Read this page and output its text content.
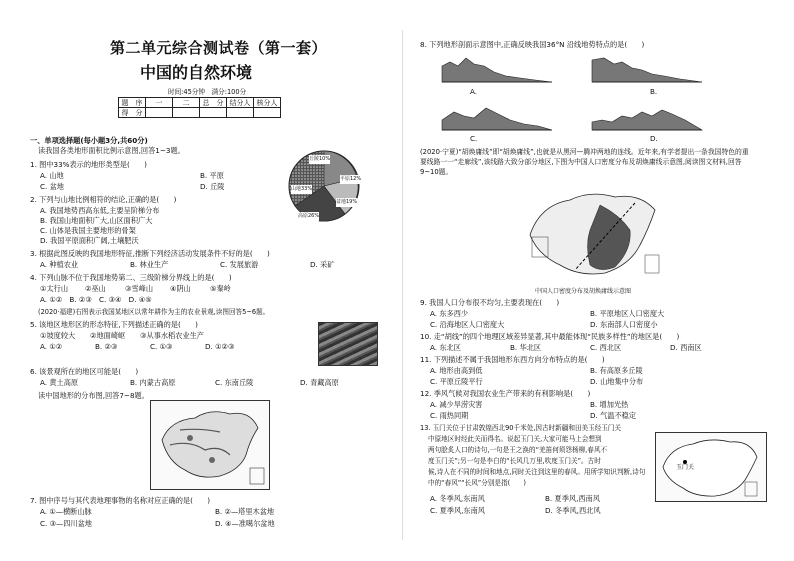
第二单元综合测试卷（第一套）
中国的自然环境
时间:45分钟　满分:100分
题　序	一	二	总　分	结分人	核分人
得　分					
一、单项选择题(每小题3分,共60分)
读我国各类地形面积比例示意图,回答1~3题。
1. 图中33%表示的地形类型是(　　)
A. 山地	B. 平原
C. 盆地	D. 丘陵
2. 下列与山地比例相符的结论,正确的是(　　)
A. 我国地势西高东低,主要呈阶梯分布
B. 我国山地面积广大,山区面积广大
C. 山体是我国主要地形的骨架
D. 我国平原面积广阔,土壤肥沃
3. 根据此图反映的我国地形特征,推断下列经济活动发展条件不好的是(　　)
A. 种植农业	B. 林业生产	C. 发展旅游	D. 采矿
4. 下列山脉不位于我国地势第二、三级阶梯分界线上的是(　　)
①太行山 ②巫山	③雪峰山 ④阴山	⑤秦岭
A. ①②　B. ②③　C. ③④　D. ④⑤
(2020·福建)右图表示我国某地区以常年耕作为主的农业景观,读图回答5~6题。
5. 该地区地形区的形态特征,下列描述正确的是(　　)
①坡度较大 ②地面崎岖 ③从事水稻农业生产
A. ①②	B. ②③	C. ①③	D. ①②③
6. 该景观所在的地区可能是(　　)
A. 黄土高原	B. 内蒙古高原	C. 东南丘陵	D. 青藏高原
读中国地形的分布图,回答7~8题。
7. 图中序号与其代表地理事物的名称对应正确的是(　　)
A. ①—横断山脉	B. ②—塔里木盆地
C. ③—四川盆地	D. ④—准噶尔盆地
丘陵10%
平原12%
盆地19%
山地33%
高原26%
8. 下列地形剖面示意图中,正确反映我国36°N 沿线地势特点的是(　　)
A.	B.
C.	D.
(2020·宁夏)“胡焕庸线”即“胡焕庸线”,也就是从黑河—腾冲两地的连线。近年来,有学者提出一条我国特色的重要线路一一“走廊线”,该线路大致分部分地区,下图为中国人口密度分布及胡焕庸线示意图,阅读图文材料,回答9~10题。
中国人口密度分布及胡焕庸线示意图
9. 我国人口分布很不均匀,主要表现在(　　)
A. 东多西少	B. 平原地区人口密度大
C. 沿海地区人口密度大	D. 东南部人口密度小
10. 走“胡线”的四个地理区域差异显著,其中最能体现“民族多样性”的地区是(　　)
A. 东北区	B. 华北区	C. 西北区	D. 西南区
11. 下列描述不属于我国地形东西方向分布特点的是(　　)
A. 地形由高到低	B. 有高原多丘陵
C. 平原丘陵平行	D. 山地集中分布
12. 季风气候对我国农业生产带来的有利影响是(　　)
A. 减少旱涝灾害	B. 增加光热
C. 雨热同期	D. 气温不稳定
13. 玉门关位于甘肃敦煌西北90千米处,因古时新疆和田美玉经玉门关
中原地区时经此关而得名。说起玉门关,大家可能马上会想到
两句脍炙人口的诗句,一句是王之涣的“羌笛何须怨杨柳,春风不
度玉门关”;另一句是李白的“长风几万里,吹度玉门关”。古时
候,诗人在不同的时间和地点,同时关注到这里的春风。用所学知识判断,诗句
中的“春风”“长风”分别是指(　　)
A. 冬季风,东南风	B. 夏季风,西南风
C. 夏季风,东南风	D. 冬季风,西北风
玉门关
